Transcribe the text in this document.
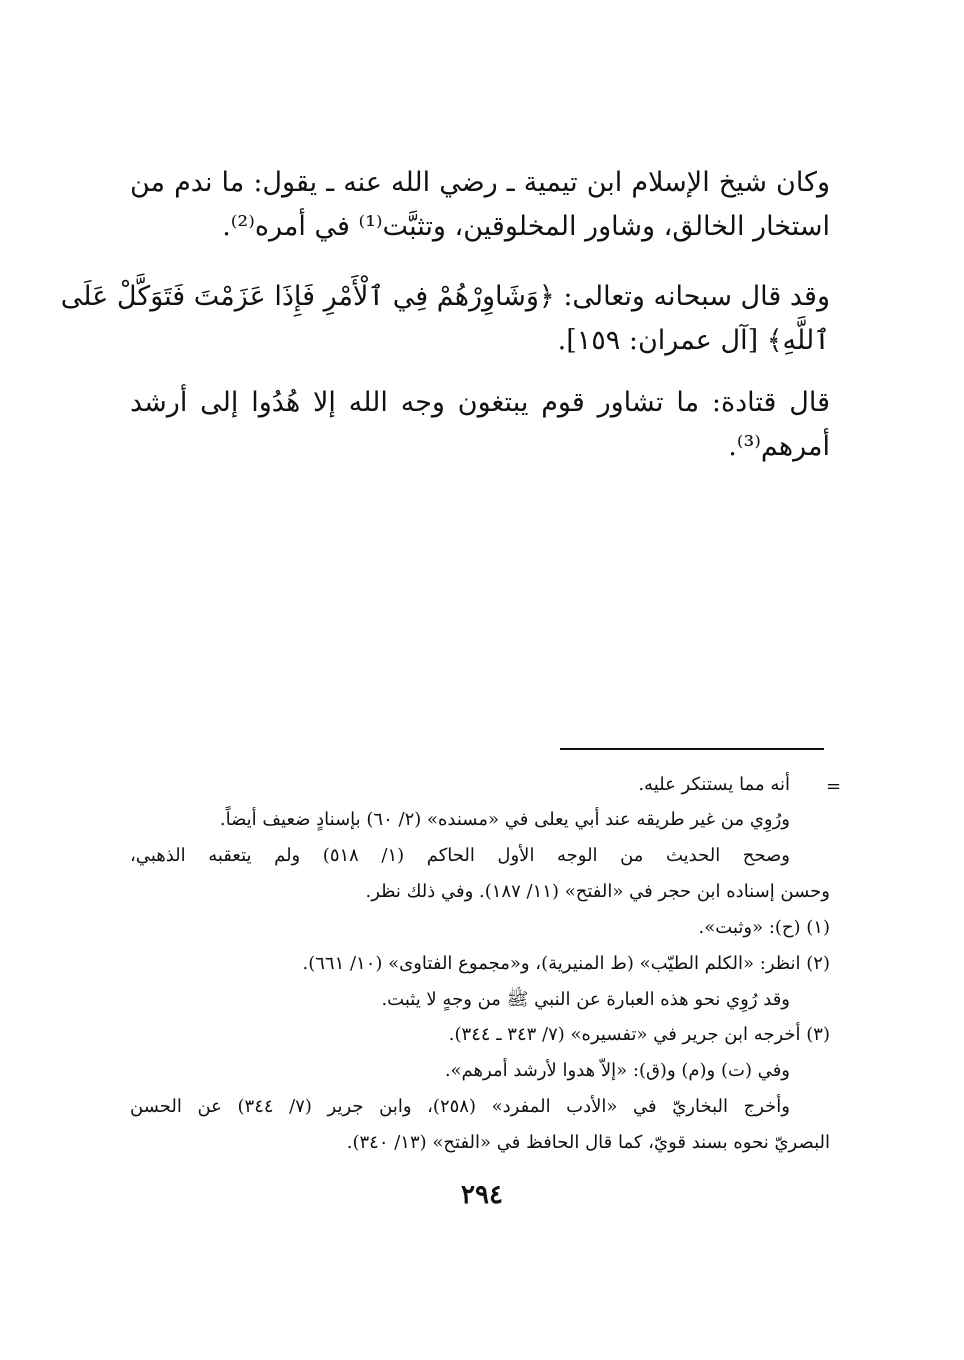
وكان شيخ الإسلام ابن تيمية ـ رضي الله عنه ـ يقول: ما ندم من
استخار الخالق، وشاور المخلوقين، وتثبَّت⁽¹⁾ في أمره⁽²⁾.
وقد قال سبحانه وتعالى: ﴿وَشَاوِرْهُمْ فِي ٱلْأَمْرِ فَإِذَا عَزَمْتَ فَتَوَكَّلْ عَلَى
ٱللَّهِ﴾ [آل عمران: ١٥٩].
قال قتادة: ما تشاور قوم يبتغون وجه الله إلا هُدُوا إلى أرشد
أمرهم⁽³⁾.
=
أنه مما يستنكر عليه.
ورُوِي من غير طريقه عند أبي يعلى في «مسنده» (٢/ ٦٠) بإسنادٍ ضعيف أيضاً.
وصحح الحديث من الوجه الأول الحاكم (١/ ٥١٨) ولم يتعقبه الذهبي،
وحسن إسناده ابن حجر في «الفتح» (١١/ ١٨٧). وفي ذلك نظر.
(١) (ح): «وثبت».
(٢) انظر: «الكلم الطيّب» (ط المنيرية)، و«مجموع الفتاوى» (١٠/ ٦٦١).
وقد رُوِي نحو هذه العبارة عن النبي ﷺ من وجهٍ لا يثبت.
(٣) أخرجه ابن جرير في «تفسيره» (٧/ ٣٤٣ ـ ٣٤٤).
وفي (ت) و(م) و(ق): «إلاّ هدوا لأرشد أمرهم».
وأخرج البخاريّ في «الأدب المفرد» (٢٥٨)، وابن جرير (٧/ ٣٤٤) عن الحسن
البصريّ نحوه بسند قويّ، كما قال الحافظ في «الفتح» (١٣/ ٣٤٠).
٢٩٤
